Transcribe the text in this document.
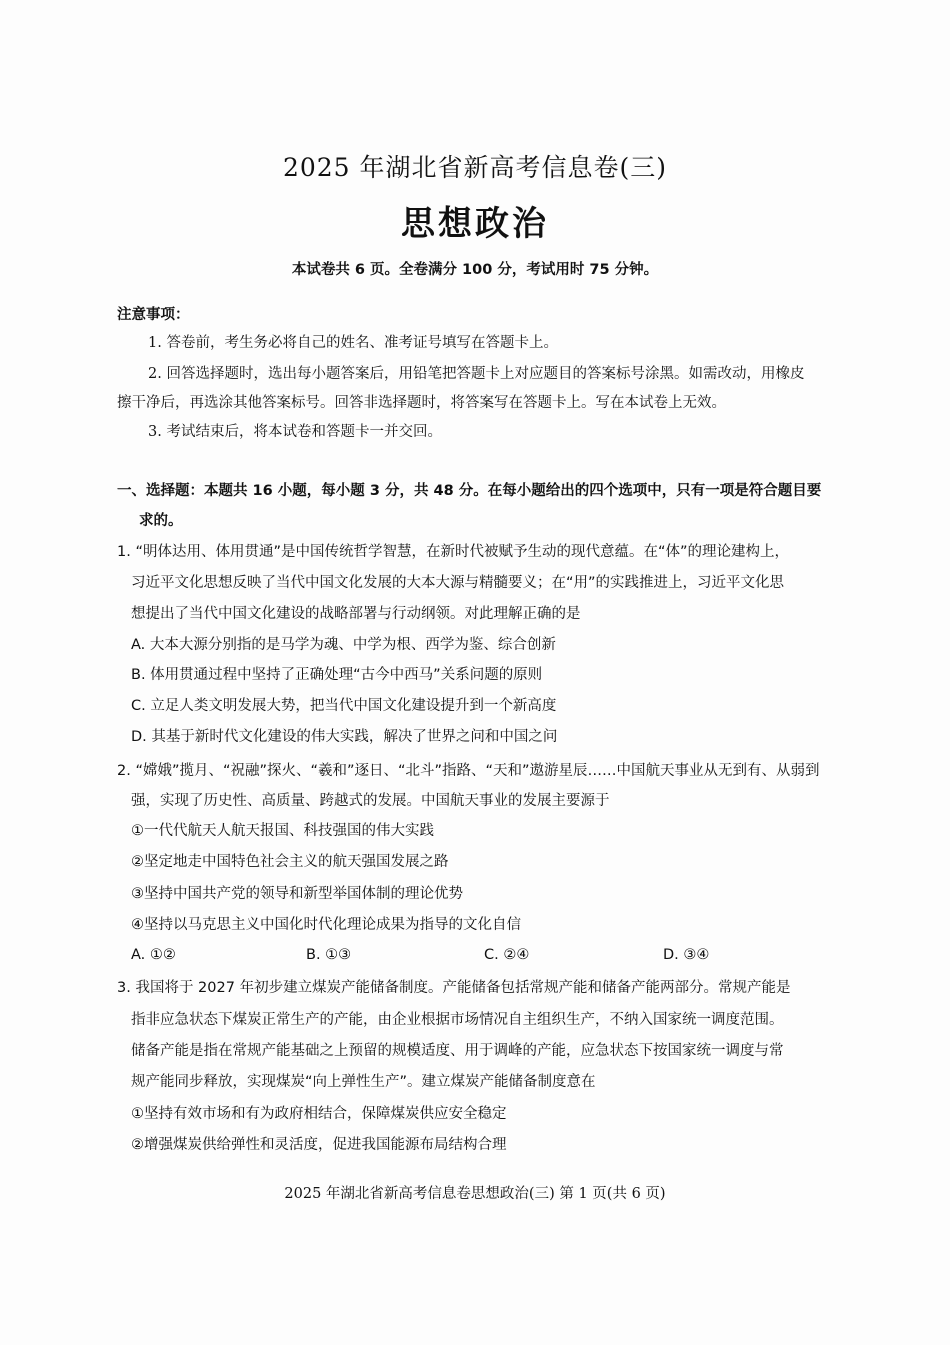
2025 年湖北省新高考信息卷(三)
思想政治
本试卷共 6 页。全卷满分 100 分，考试用时 75 分钟。
注意事项：
1. 答卷前，考生务必将自己的姓名、准考证号填写在答题卡上。
2. 回答选择题时，选出每小题答案后，用铅笔把答题卡上对应题目的答案标号涂黑。如需改动，用橡皮
擦干净后，再选涂其他答案标号。回答非选择题时，将答案写在答题卡上。写在本试卷上无效。
3. 考试结束后，将本试卷和答题卡一并交回。
一、选择题：本题共 16 小题，每小题 3 分，共 48 分。在每小题给出的四个选项中，只有一项是符合题目要
求的。
1. “明体达用、体用贯通”是中国传统哲学智慧，在新时代被赋予生动的现代意蕴。在“体”的理论建构上，
习近平文化思想反映了当代中国文化发展的大本大源与精髓要义；在“用”的实践推进上，习近平文化思
想提出了当代中国文化建设的战略部署与行动纲领。对此理解正确的是
A. 大本大源分别指的是马学为魂、中学为根、西学为鉴、综合创新
B. 体用贯通过程中坚持了正确处理“古今中西马”关系问题的原则
C. 立足人类文明发展大势，把当代中国文化建设提升到一个新高度
D. 其基于新时代文化建设的伟大实践，解决了世界之问和中国之问
2. “嫦娥”揽月、“祝融”探火、“羲和”逐日、“北斗”指路、“天和”遨游星辰……中国航天事业从无到有、从弱到
强，实现了历史性、高质量、跨越式的发展。中国航天事业的发展主要源于
①一代代航天人航天报国、科技强国的伟大实践
②坚定地走中国特色社会主义的航天强国发展之路
③坚持中国共产党的领导和新型举国体制的理论优势
④坚持以马克思主义中国化时代化理论成果为指导的文化自信
A. ①②	B. ①③	C. ②④	D. ③④
3. 我国将于 2027 年初步建立煤炭产能储备制度。产能储备包括常规产能和储备产能两部分。常规产能是
指非应急状态下煤炭正常生产的产能，由企业根据市场情况自主组织生产，不纳入国家统一调度范围。
储备产能是指在常规产能基础之上预留的规模适度、用于调峰的产能，应急状态下按国家统一调度与常
规产能同步释放，实现煤炭“向上弹性生产”。建立煤炭产能储备制度意在
①坚持有效市场和有为政府相结合，保障煤炭供应安全稳定
②增强煤炭供给弹性和灵活度，促进我国能源布局结构合理
2025 年湖北省新高考信息卷思想政治(三) 第 1 页(共 6 页)
